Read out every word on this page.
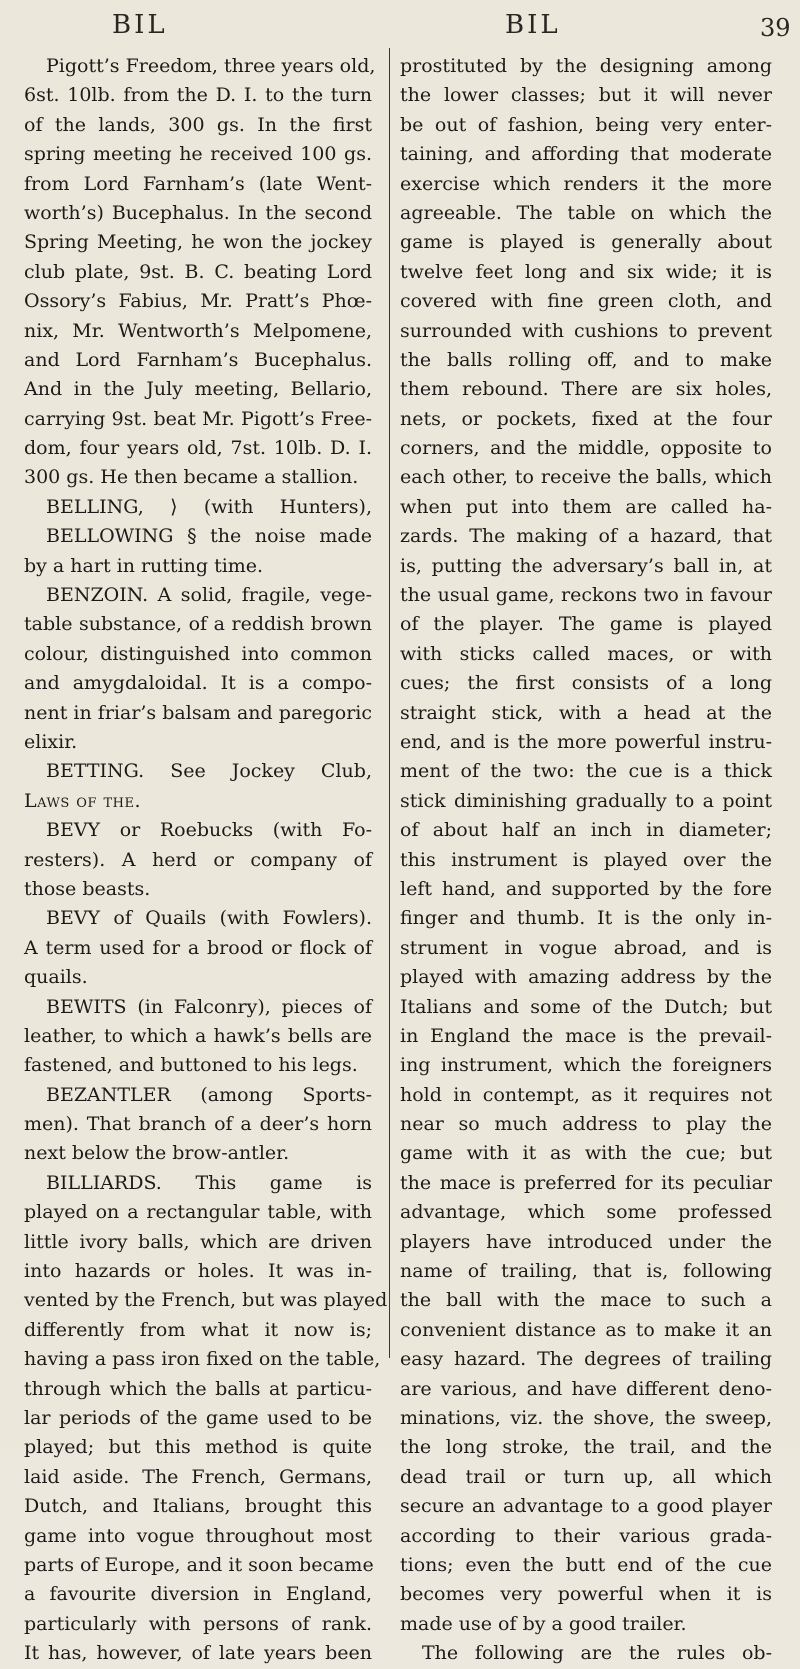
BIL	BIL	39
Pigott’s Freedom, three years old,
6st. 10lb. from the D. I. to the turn
of the lands, 300 gs. In the first
spring meeting he received 100 gs.
from Lord Farnham’s (late Went-
worth’s) Bucephalus. In the second
Spring Meeting, he won the jockey
club plate, 9st. B. C. beating Lord
Ossory’s Fabius, Mr. Pratt’s Phœ-
nix, Mr. Wentworth’s Melpomene,
and Lord Farnham’s Bucephalus.
And in the July meeting, Bellario,
carrying 9st. beat Mr. Pigott’s Free-
dom, four years old, 7st. 10lb. D. I.
300 gs. He then became a stallion.
BELLING, ⟩ (with Hunters),
BELLOWING § the noise made
by a hart in rutting time.
BENZOIN. A solid, fragile, vege-
table substance, of a reddish brown
colour, distinguished into common
and amygdaloidal. It is a compo-
nent in friar’s balsam and paregoric
elixir.
BETTING. See Jockey Club,
Laws of the.
BEVY or Roebucks (with Fo-
resters). A herd or company of
those beasts.
BEVY of Quails (with Fowlers).
A term used for a brood or flock of
quails.
BEWITS (in Falconry), pieces of
leather, to which a hawk’s bells are
fastened, and buttoned to his legs.
BEZANTLER (among Sports-
men). That branch of a deer’s horn
next below the brow-antler.
BILLIARDS. This game is
played on a rectangular table, with
little ivory balls, which are driven
into hazards or holes. It was in-
vented by the French, but was played
differently from what it now is;
having a pass iron fixed on the table,
through which the balls at particu-
lar periods of the game used to be
played; but this method is quite
laid aside. The French, Germans,
Dutch, and Italians, brought this
game into vogue throughout most
parts of Europe, and it soon became
a favourite diversion in England,
particularly with persons of rank.
It has, however, of late years been
prostituted by the designing among
the lower classes; but it will never
be out of fashion, being very enter-
taining, and affording that moderate
exercise which renders it the more
agreeable. The table on which the
game is played is generally about
twelve feet long and six wide; it is
covered with fine green cloth, and
surrounded with cushions to prevent
the balls rolling off, and to make
them rebound. There are six holes,
nets, or pockets, fixed at the four
corners, and the middle, opposite to
each other, to receive the balls, which
when put into them are called ha-
zards. The making of a hazard, that
is, putting the adversary’s ball in, at
the usual game, reckons two in favour
of the player. The game is played
with sticks called maces, or with
cues; the first consists of a long
straight stick, with a head at the
end, and is the more powerful instru-
ment of the two: the cue is a thick
stick diminishing gradually to a point
of about half an inch in diameter;
this instrument is played over the
left hand, and supported by the fore
finger and thumb. It is the only in-
strument in vogue abroad, and is
played with amazing address by the
Italians and some of the Dutch; but
in England the mace is the prevail-
ing instrument, which the foreigners
hold in contempt, as it requires not
near so much address to play the
game with it as with the cue; but
the mace is preferred for its peculiar
advantage, which some professed
players have introduced under the
name of trailing, that is, following
the ball with the mace to such a
convenient distance as to make it an
easy hazard. The degrees of trailing
are various, and have different deno-
minations, viz. the shove, the sweep,
the long stroke, the trail, and the
dead trail or turn up, all which
secure an advantage to a good player
according to their various grada-
tions; even the butt end of the cue
becomes very powerful when it is
made use of by a good trailer.
The following are the rules ob-
